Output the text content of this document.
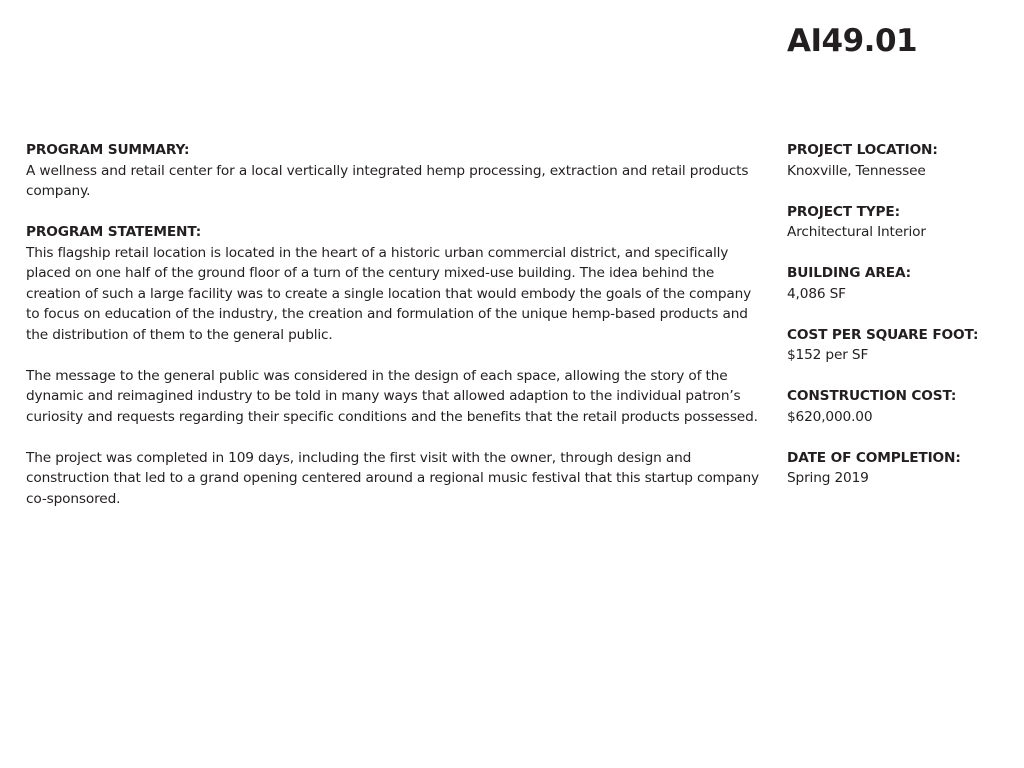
AI49.01
PROGRAM SUMMARY:

A wellness and retail center for a local vertically integrated hemp processing, extraction and retail products company.

PROGRAM STATEMENT:

This flagship retail location is located in the heart of a historic urban commercial district, and specifically placed on one half of the ground floor of a turn of the century mixed-use building. The idea behind the creation of such a large facility was to create a single location that would embody the goals of the company to focus on education of the industry, the creation and formulation of the unique hemp-based products and the distribution of them to the general public.

The message to the general public was considered in the design of each space, allowing the story of the dynamic and reimagined industry to be told in many ways that allowed adaption to the individual patron’s curiosity and requests regarding their specific conditions and the benefits that the retail products possessed.

The project was completed in 109 days, including the first visit with the owner, through design and construction that led to a grand opening centered around a regional music festival that this startup company co-sponsored.

PROJECT LOCATION:
Knoxville, Tennessee
PROJECT TYPE:
Architectural Interior
BUILDING AREA:
4,086 SF
COST PER SQUARE FOOT:
$152 per SF
CONSTRUCTION COST:
$620,000.00
DATE OF COMPLETION:
Spring 2019
